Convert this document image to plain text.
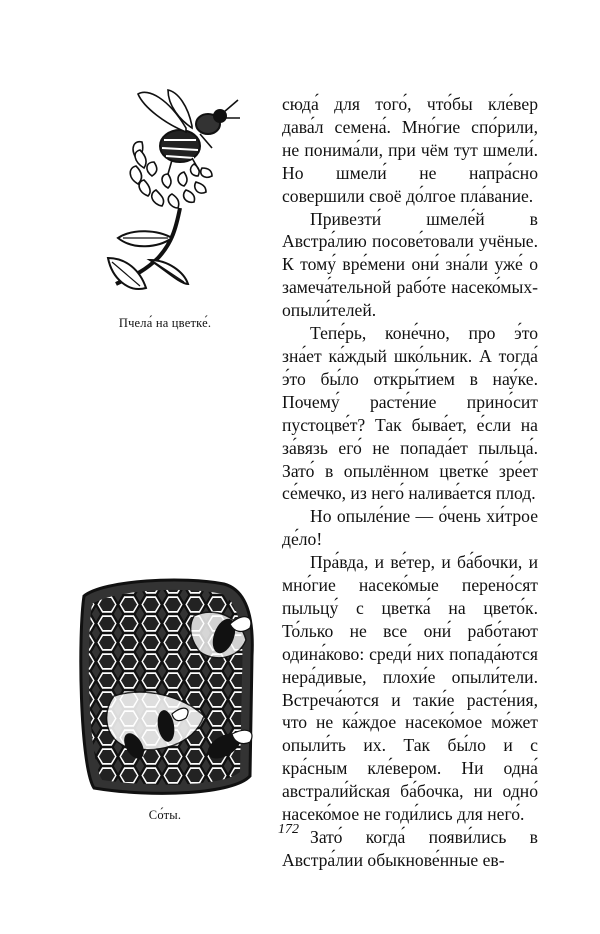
Пчела́ на цветке́.
Со́ты.

сюда́ для того́, что́бы кле́вер дава́л семена́. Мно́гие спо́рили, не понима́ли, при чём тут шмели́. Но шмели́ не напра́сно совершили своё до́лгое пла́вание.

Привезти́ шмеле́й в Австра́лию посове́товали учёные. К тому́ вре́мени они́ зна́ли уже́ о замеча́тельной рабо́те насеко́мых-опыли́телей.

Тепе́рь, коне́чно, про э́то зна́ет ка́ждый шко́льник. А тогда́ э́то бы́ло откры́тием в нау́ке. Почему́ расте́ние прино́сит пустоцве́т? Так быва́ет, е́сли на за́вязь его́ не попада́ет пыльца́. Зато́ в опылённом цветке́ зре́ет се́мечко, из него́ налива́ется плод.

Но опыле́ние — о́чень хи́трое де́ло!

Пра́вда, и ве́тер, и ба́бочки, и мно́гие насеко́мые перено́сят пыльцу́ с цветка́ на цвето́к. То́лько не все они́ рабо́тают одина́ково: среди́ них попада́ются нера́дивые, плохи́е опыли́тели. Встреча́ются и таки́е расте́ния, что не ка́ждое насеко́мое мо́жет опыли́ть их. Так бы́ло и с кра́сным кле́вером. Ни одна́ австрали́йская ба́бочка, ни одно́ насеко́мое не годи́лись для него́.

Зато́ когда́ появи́лись в Австра́лии обыкнове́нные ев-

172
